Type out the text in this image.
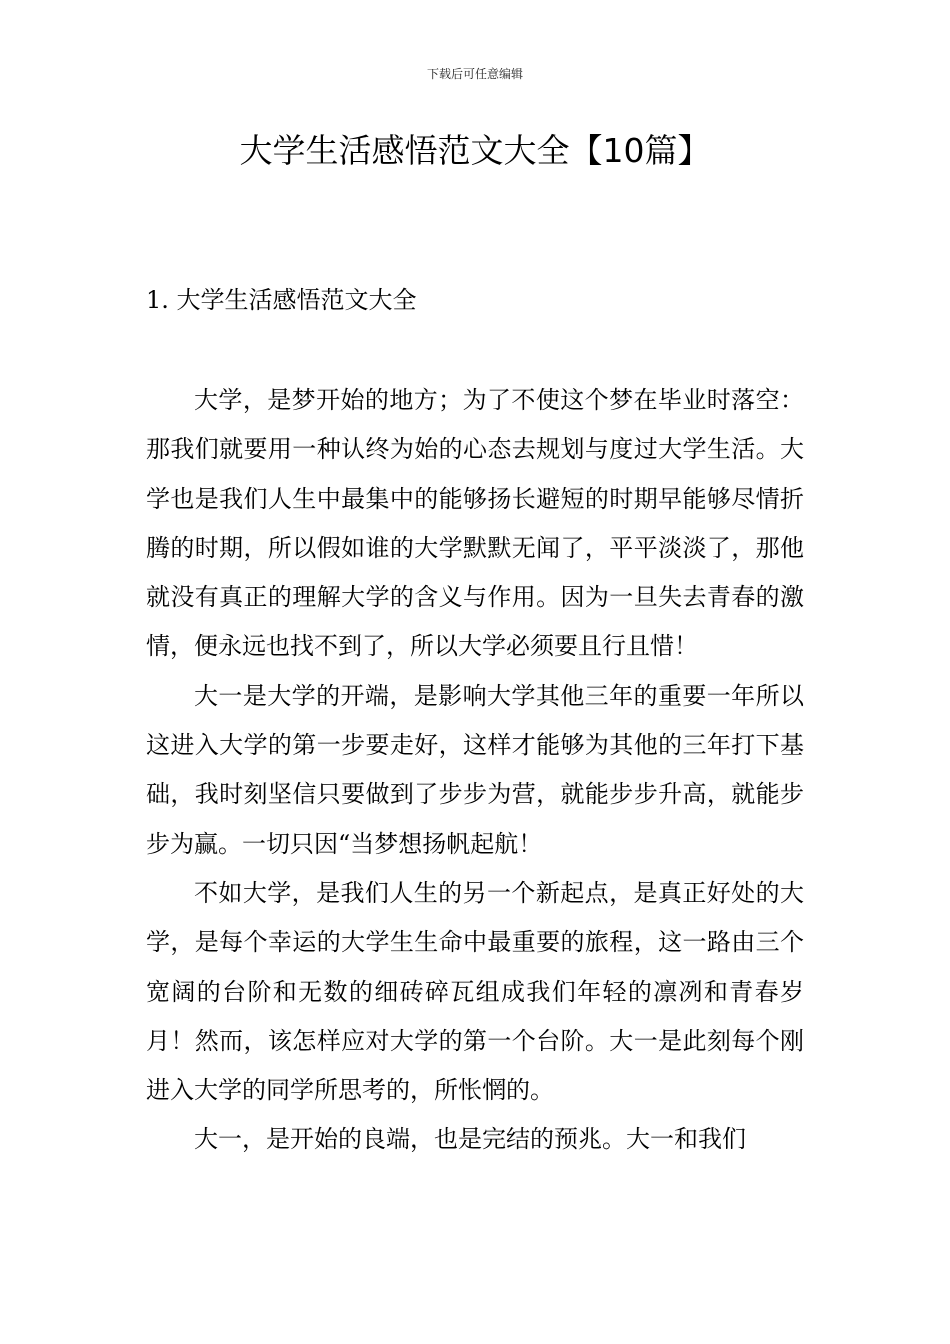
下载后可任意编辑
大学生活感悟范文大全【10篇】
1. 大学生活感悟范文大全

大学，是梦开始的地方；为了不使这个梦在毕业时落空：那我们就要用一种认终为始的心态去规划与度过大学生活。大学也是我们人生中最集中的能够扬长避短的时期早能够尽情折腾的时期，所以假如谁的大学默默无闻了，平平淡淡了，那他就没有真正的理解大学的含义与作用。因为一旦失去青春的激情，便永远也找不到了，所以大学必须要且行且惜！

大一是大学的开端，是影响大学其他三年的重要一年所以这进入大学的第一步要走好，这样才能够为其他的三年打下基础，我时刻坚信只要做到了步步为营，就能步步升高，就能步步为赢。一切只因“当梦想扬帆起航！

不如大学，是我们人生的另一个新起点，是真正好处的大学，是每个幸运的大学生生命中最重要的旅程，这一路由三个宽阔的台阶和无数的细砖碎瓦组成我们年轻的凛冽和青春岁月！然而，该怎样应对大学的第一个台阶。大一是此刻每个刚进入大学的同学所思考的，所怅惘的。

大一，是开始的良端，也是完结的预兆。大一和我们
